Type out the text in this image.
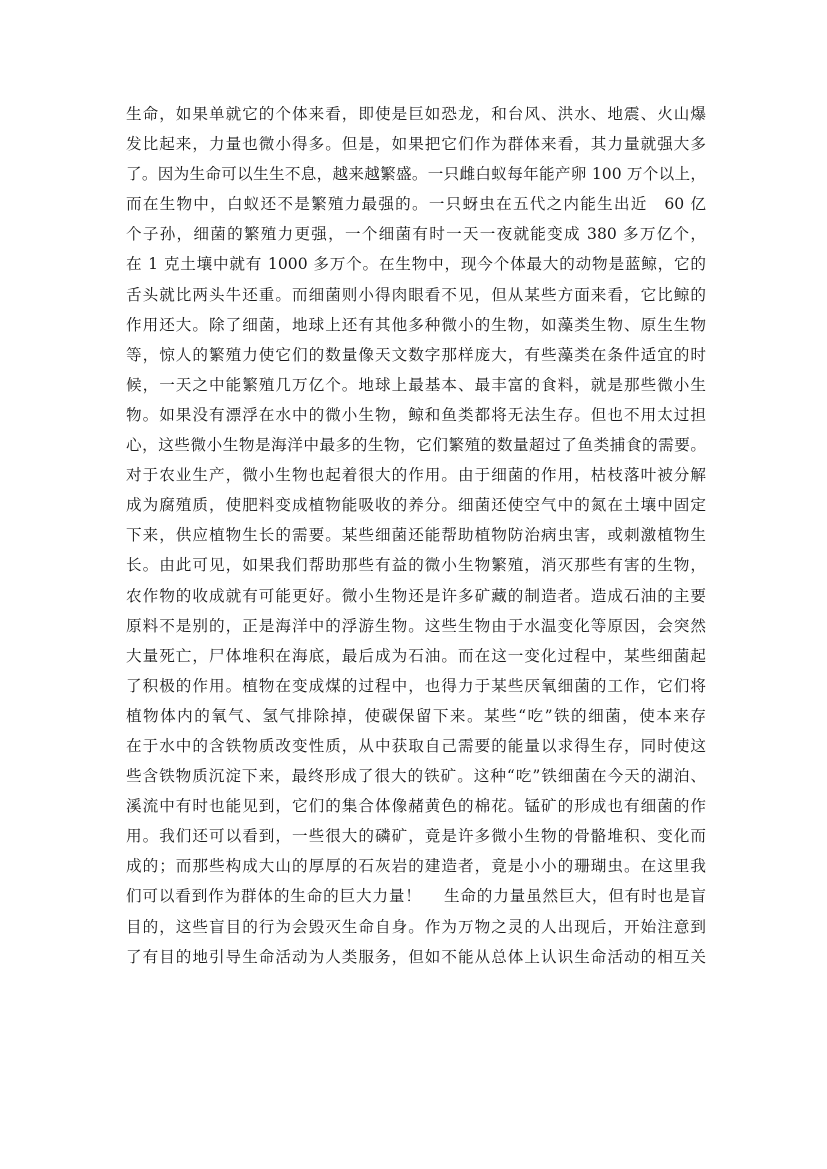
生命，如果单就它的个体来看，即使是巨如恐龙，和台风、洪水、地震、火山爆
发比起来，力量也微小得多。但是，如果把它们作为群体来看，其力量就强大多
了。因为生命可以生生不息，越来越繁盛。一只雌白蚁每年能产卵 100 万个以上，
而在生物中，白蚁还不是繁殖力最强的。一只蚜虫在五代之内能生出近　60 亿
个子孙，细菌的繁殖力更强，一个细菌有时一天一夜就能变成 380 多万亿个，
在 1 克土壤中就有 1000 多万个。在生物中，现今个体最大的动物是蓝鲸，它的
舌头就比两头牛还重。而细菌则小得肉眼看不见，但从某些方面来看，它比鲸的
作用还大。除了细菌，地球上还有其他多种微小的生物，如藻类生物、原生生物
等，惊人的繁殖力使它们的数量像天文数字那样庞大，有些藻类在条件适宜的时
候，一天之中能繁殖几万亿个。地球上最基本、最丰富的食料，就是那些微小生
物。如果没有漂浮在水中的微小生物，鲸和鱼类都将无法生存。但也不用太过担
心，这些微小生物是海洋中最多的生物，它们繁殖的数量超过了鱼类捕食的需要。
对于农业生产，微小生物也起着很大的作用。由于细菌的作用，枯枝落叶被分解
成为腐殖质，使肥料变成植物能吸收的养分。细菌还使空气中的氮在土壤中固定
下来，供应植物生长的需要。某些细菌还能帮助植物防治病虫害，或刺激植物生
长。由此可见，如果我们帮助那些有益的微小生物繁殖，消灭那些有害的生物，
农作物的收成就有可能更好。微小生物还是许多矿藏的制造者。造成石油的主要
原料不是别的，正是海洋中的浮游生物。这些生物由于水温变化等原因，会突然
大量死亡，尸体堆积在海底，最后成为石油。而在这一变化过程中，某些细菌起
了积极的作用。植物在变成煤的过程中，也得力于某些厌氧细菌的工作，它们将
植物体内的氧气、氢气排除掉，使碳保留下来。某些“吃”铁的细菌，使本来存
在于水中的含铁物质改变性质，从中获取自己需要的能量以求得生存，同时使这
些含铁物质沉淀下来，最终形成了很大的铁矿。这种“吃”铁细菌在今天的湖泊、
溪流中有时也能见到，它们的集合体像赭黄色的棉花。锰矿的形成也有细菌的作
用。我们还可以看到，一些很大的磷矿，竟是许多微小生物的骨骼堆积、变化而
成的；而那些构成大山的厚厚的石灰岩的建造者，竟是小小的珊瑚虫。在这里我
们可以看到作为群体的生命的巨大力量！　 生命的力量虽然巨大，但有时也是盲
目的，这些盲目的行为会毁灭生命自身。作为万物之灵的人出现后，开始注意到
了有目的地引导生命活动为人类服务，但如不能从总体上认识生命活动的相互关
